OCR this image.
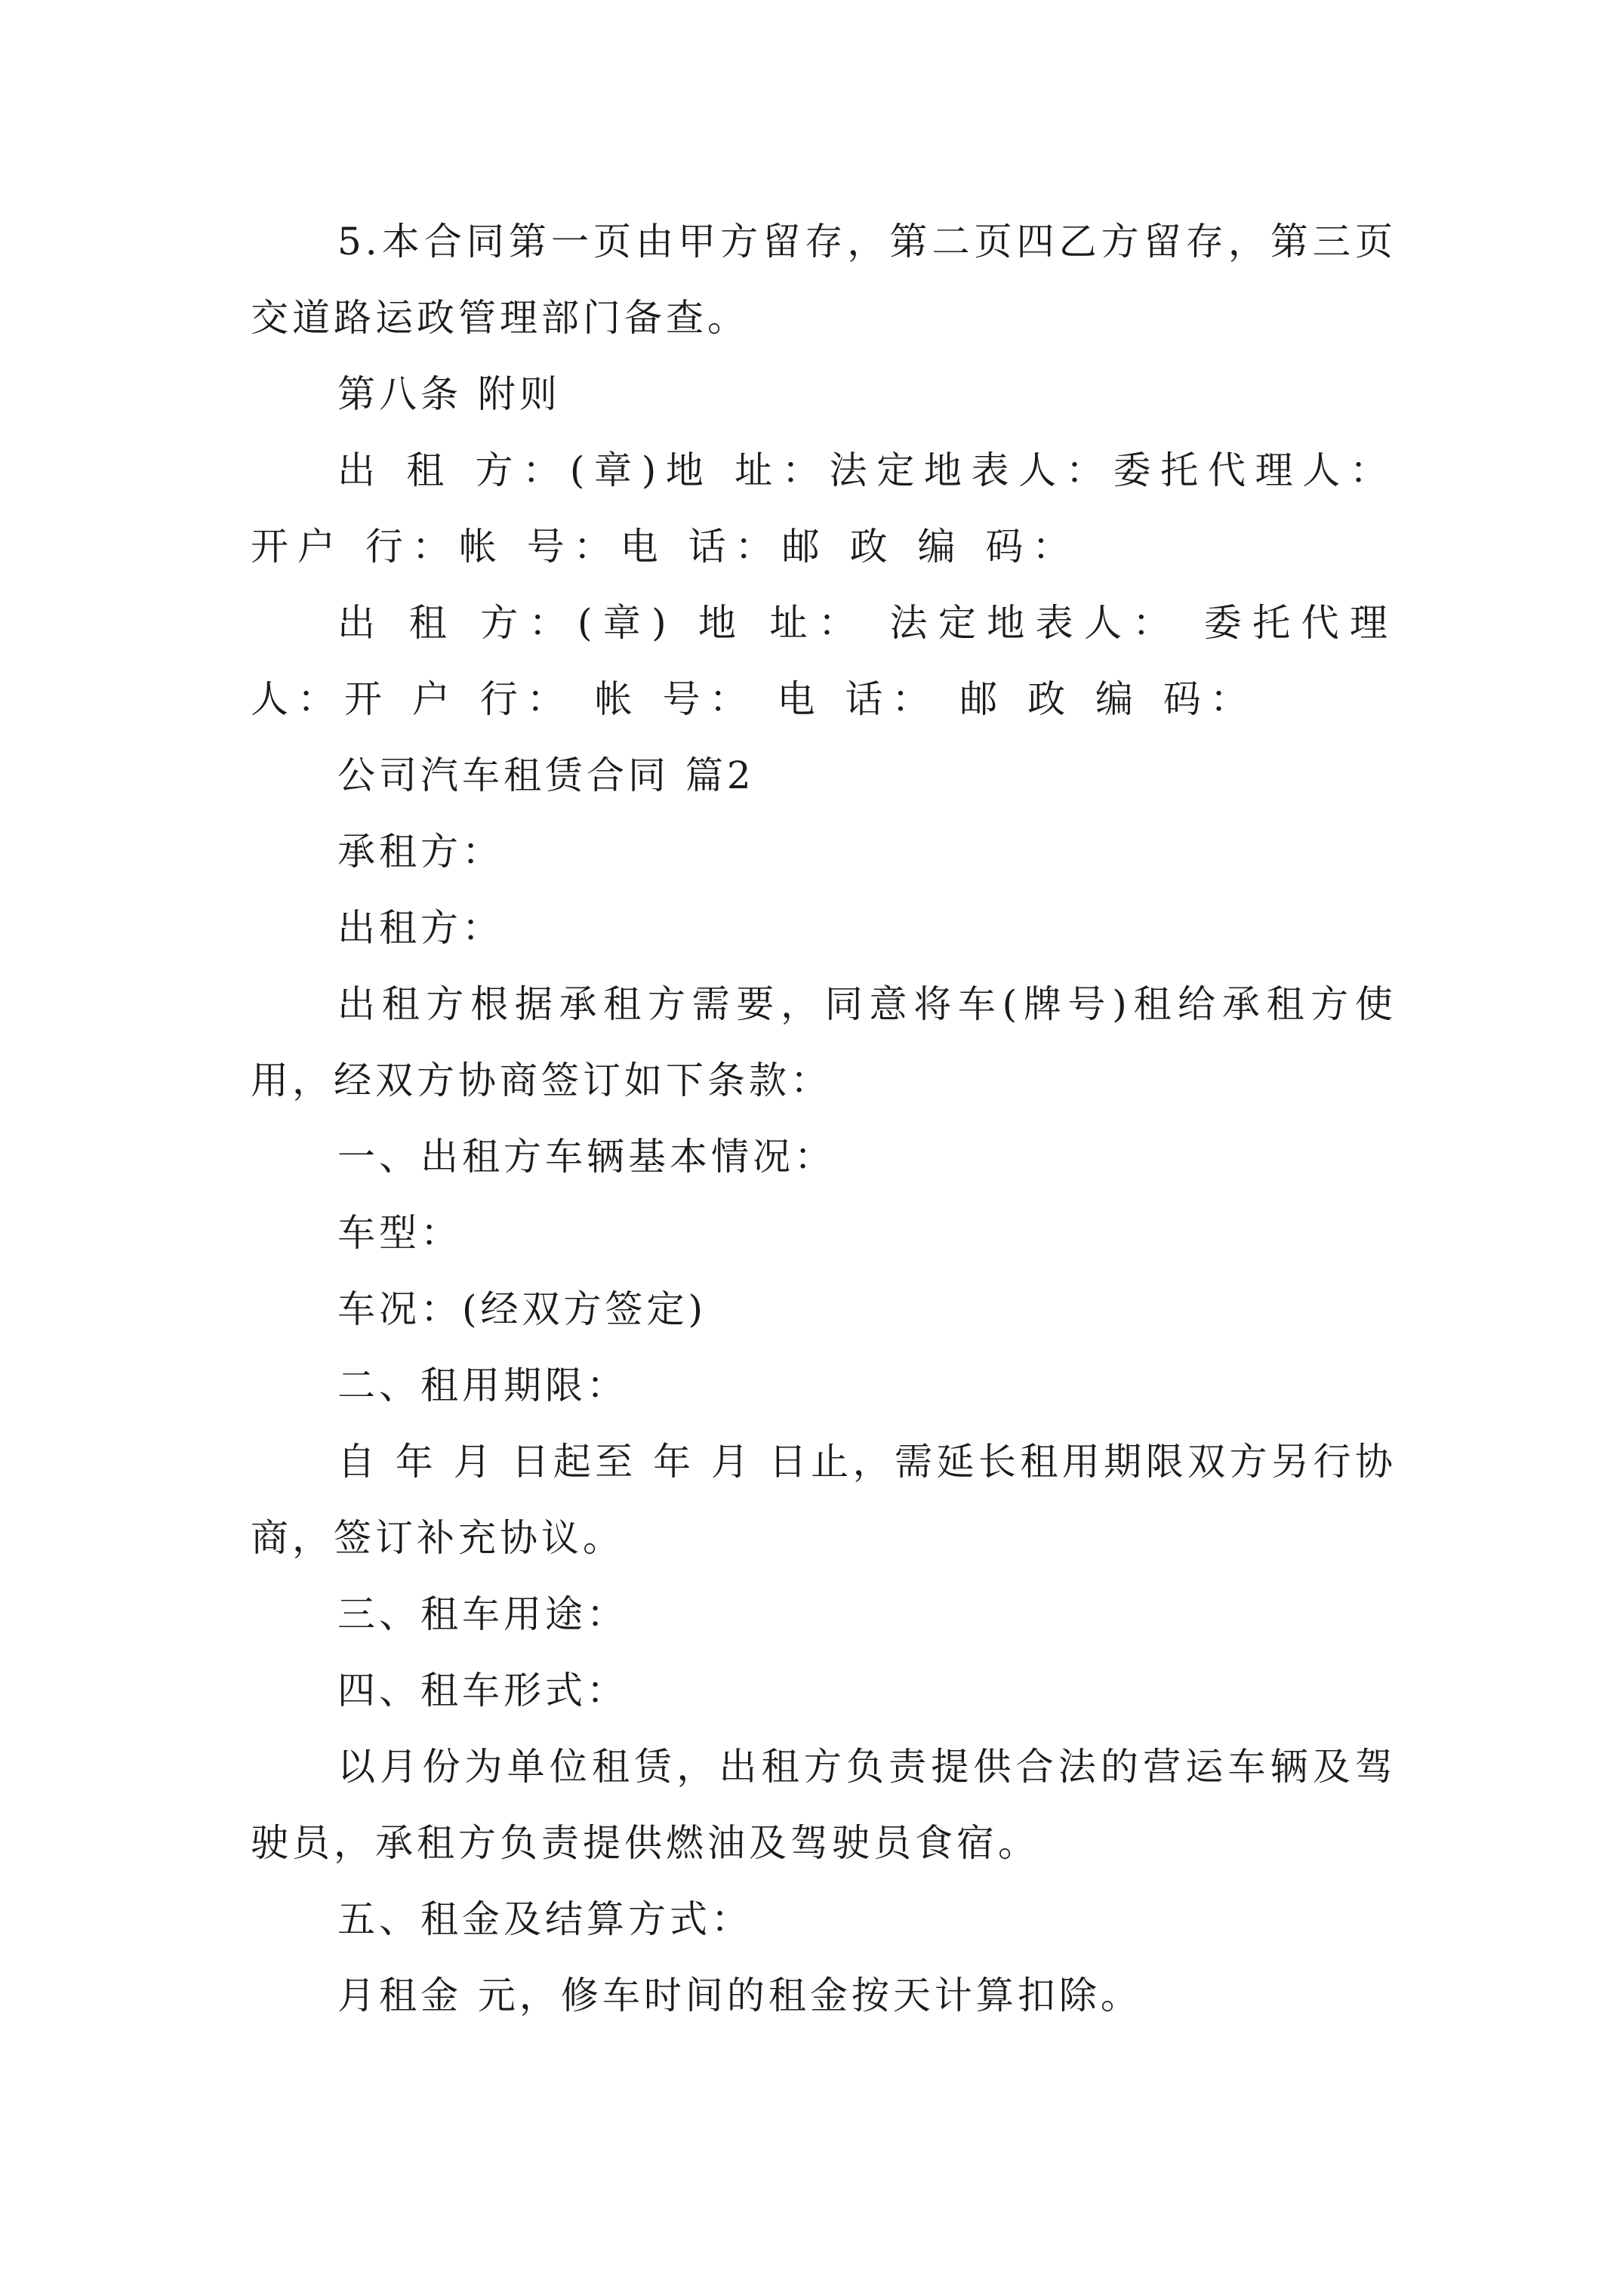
5.本合同第一页由甲方留存，第二页四乙方留存，第三页交道路运政管理部门备查。

第八条 附则

出 租 方：(章)地 址：法定地表人：委托代理人：开户 行：帐 号：电 话：邮 政 编 码：

出 租 方：(章) 地 址： 法定地表人： 委托代理人：开 户 行： 帐 号： 电 话： 邮 政 编 码：

公司汽车租赁合同 篇2

承租方：

出租方：

出租方根据承租方需要，同意将车(牌号)租给承租方使用，经双方协商签订如下条款：

一、出租方车辆基本情况：

车型：

车况：(经双方签定)

二、租用期限：

自 年 月 日起至 年 月 日止，需延长租用期限双方另行协商，签订补充协议。

三、租车用途：

四、租车形式：

以月份为单位租赁，出租方负责提供合法的营运车辆及驾驶员，承租方负责提供燃油及驾驶员食宿。

五、租金及结算方式：

月租金 元，修车时间的租金按天计算扣除。
